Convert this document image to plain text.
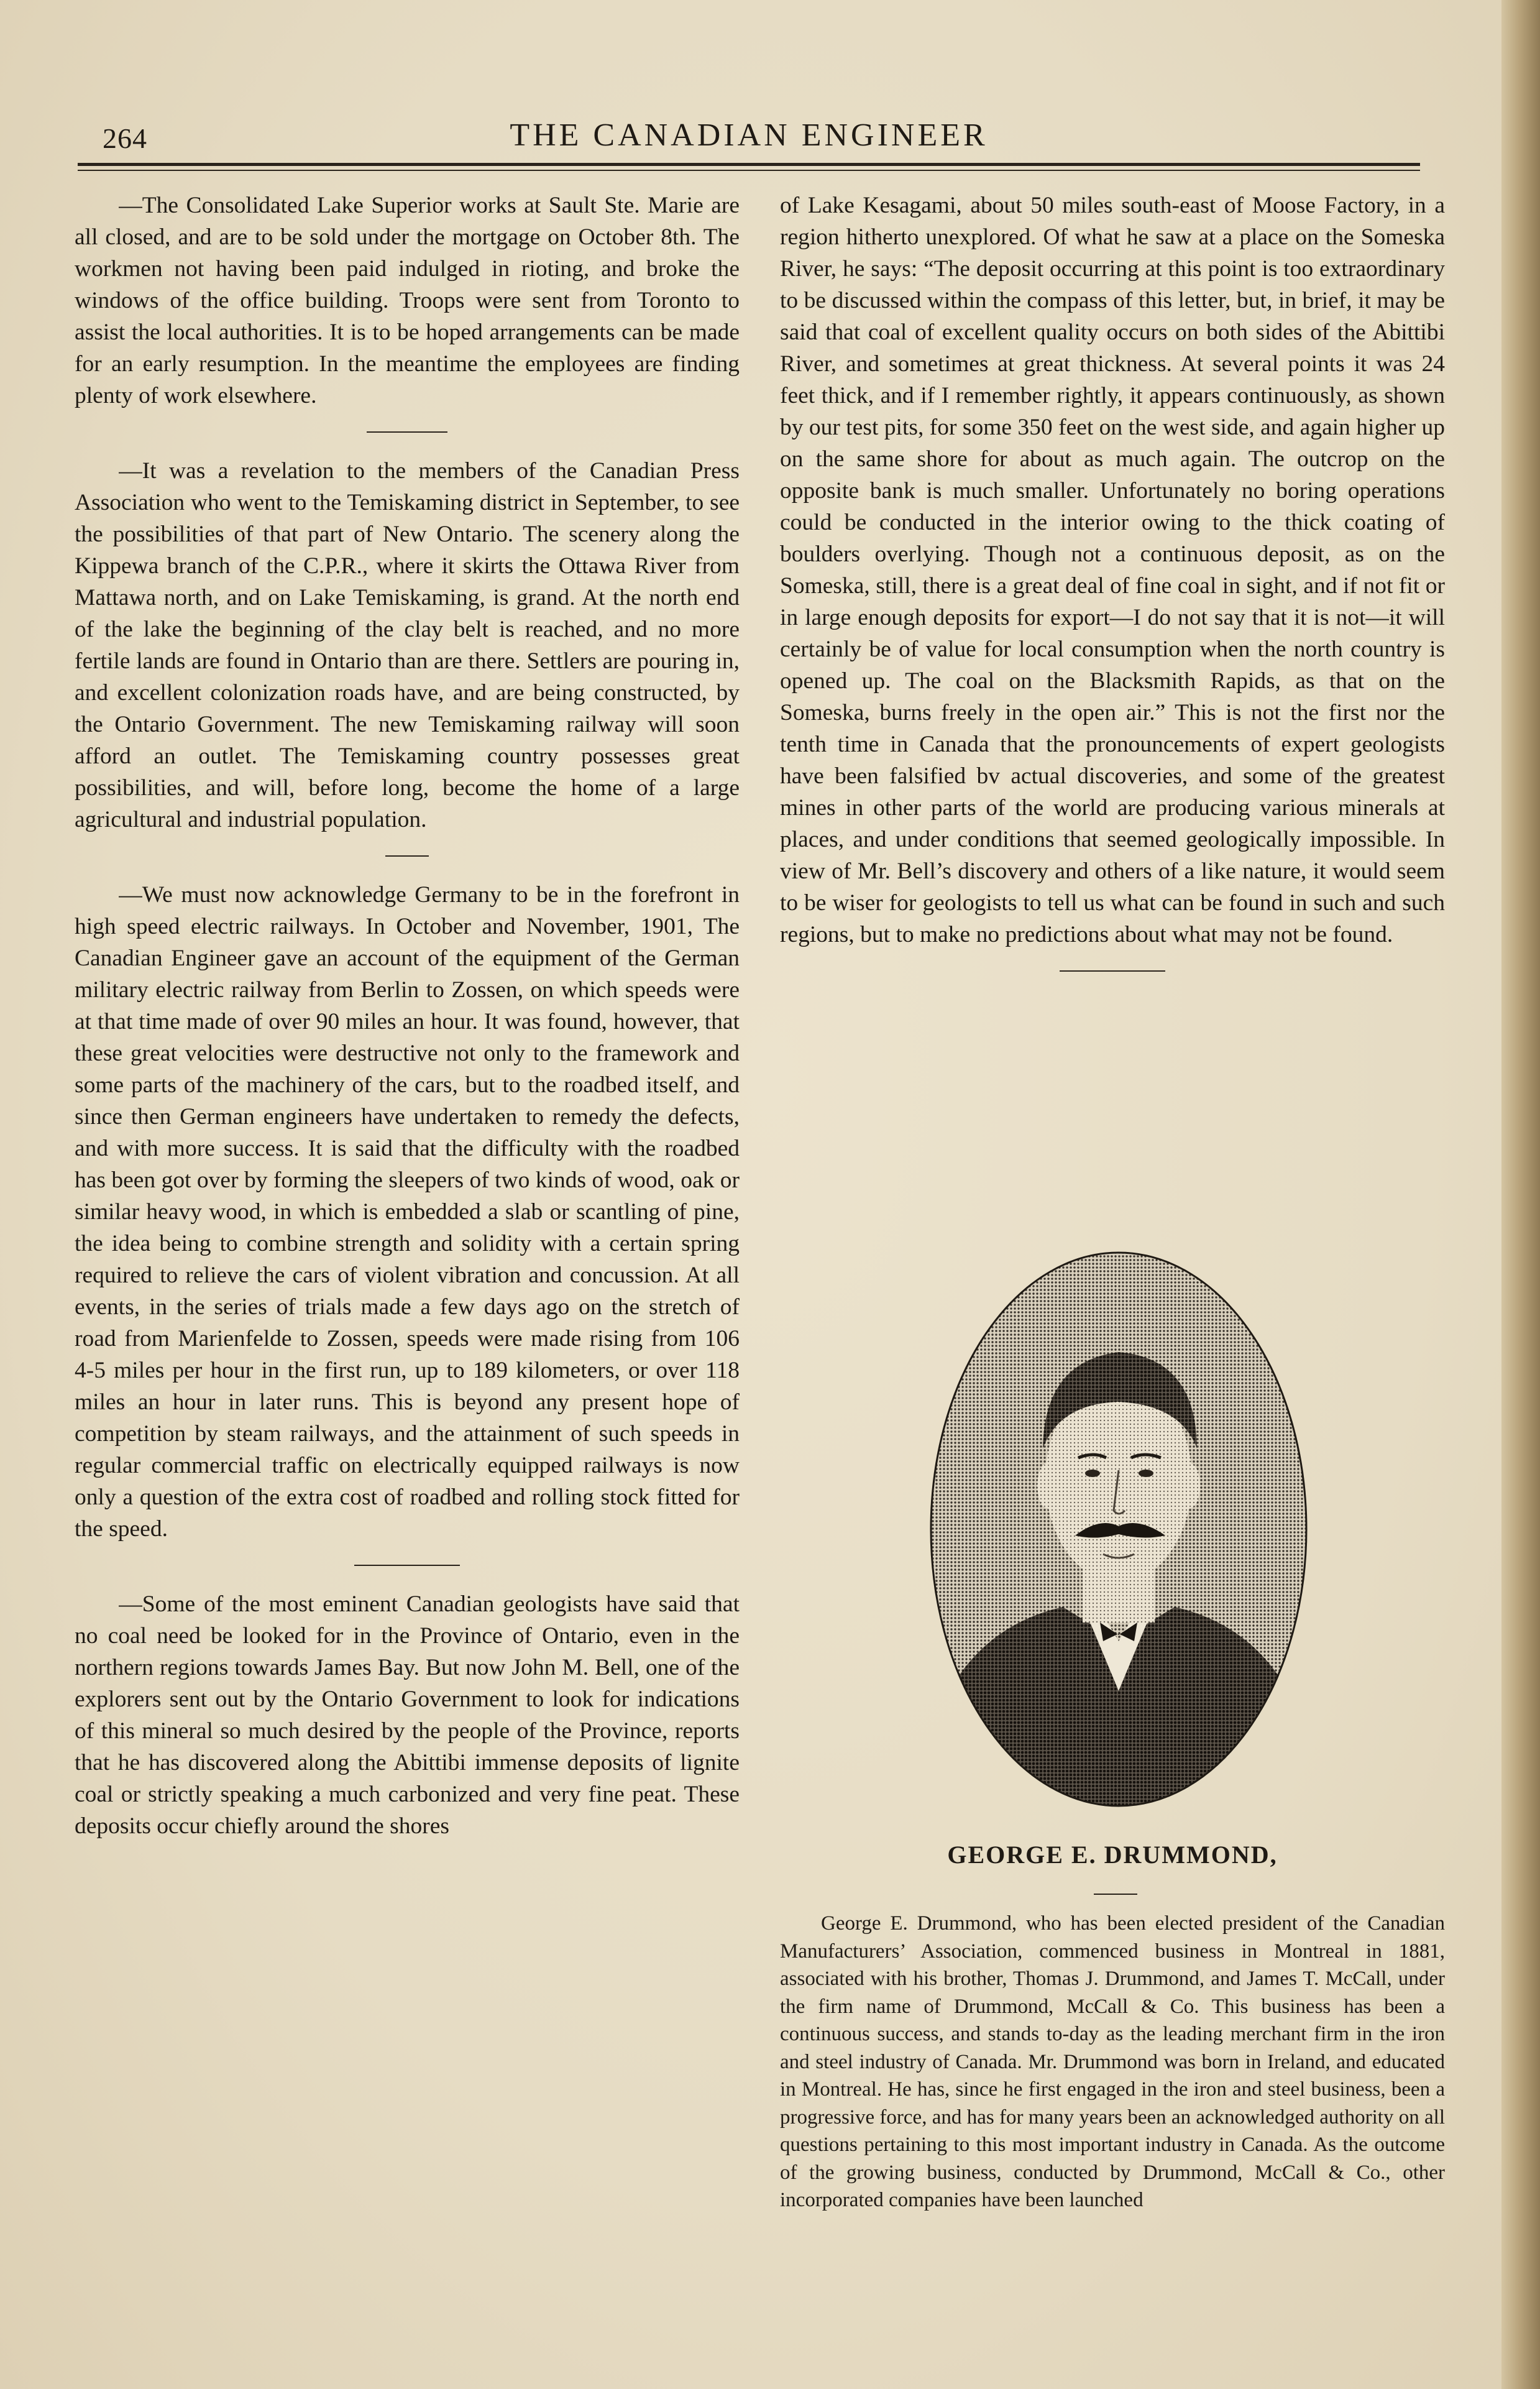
264	THE CANADIAN ENGINEER

—The Consolidated Lake Superior works at Sault Ste. Marie are all closed, and are to be sold under the mortgage on October 8th. The workmen not having been paid indulged in rioting, and broke the windows of the office building. Troops were sent from Toronto to assist the local authorities. It is to be hoped arrangements can be made for an early resumption. In the meantime the employees are finding plenty of work elsewhere.

—It was a revelation to the members of the Canadian Press Association who went to the Temiskaming district in September, to see the possibilities of that part of New Ontario. The scenery along the Kippewa branch of the C.P.R., where it skirts the Ottawa River from Mattawa north, and on Lake Temiskaming, is grand. At the north end of the lake the beginning of the clay belt is reached, and no more fertile lands are found in Ontario than are there. Settlers are pouring in, and excellent colonization roads have, and are being constructed, by the Ontario Government. The new Temiskaming railway will soon afford an outlet. The Temiskaming country possesses great possibilities, and will, before long, become the home of a large agricultural and industrial population.

—We must now acknowledge Germany to be in the forefront in high speed electric railways. In October and November, 1901, The Canadian Engineer gave an account of the equipment of the German military electric railway from Berlin to Zossen, on which speeds were at that time made of over 90 miles an hour. It was found, however, that these great velocities were destructive not only to the framework and some parts of the machinery of the cars, but to the roadbed itself, and since then German engineers have undertaken to remedy the defects, and with more success. It is said that the difficulty with the roadbed has been got over by forming the sleepers of two kinds of wood, oak or similar heavy wood, in which is embedded a slab or scantling of pine, the idea being to combine strength and solidity with a certain spring required to relieve the cars of violent vibration and concussion. At all events, in the series of trials made a few days ago on the stretch of road from Marienfelde to Zossen, speeds were made rising from 106 4-5 miles per hour in the first run, up to 189 kilometers, or over 118 miles an hour in later runs. This is beyond any present hope of competition by steam railways, and the attainment of such speeds in regular commercial traffic on electrically equipped railways is now only a question of the extra cost of roadbed and rolling stock fitted for the speed.

—Some of the most eminent Canadian geologists have said that no coal need be looked for in the Province of Ontario, even in the northern regions towards James Bay. But now John M. Bell, one of the explorers sent out by the Ontario Government to look for indications of this mineral so much desired by the people of the Province, reports that he has discovered along the Abittibi immense deposits of lignite coal or strictly speaking a much carbonized and very fine peat. These deposits occur chiefly around the shores

of Lake Kesagami, about 50 miles south-east of Moose Factory, in a region hitherto unexplored. Of what he saw at a place on the Someska River, he says: “The deposit occurring at this point is too extraordinary to be discussed within the compass of this letter, but, in brief, it may be said that coal of excellent quality occurs on both sides of the Abittibi River, and sometimes at great thickness. At several points it was 24 feet thick, and if I remember rightly, it appears continuously, as shown by our test pits, for some 350 feet on the west side, and again higher up on the same shore for about as much again. The outcrop on the opposite bank is much smaller. Unfortunately no boring operations could be conducted in the interior owing to the thick coating of boulders overlying. Though not a continuous deposit, as on the Someska, still, there is a great deal of fine coal in sight, and if not fit or in large enough deposits for export—I do not say that it is not—it will certainly be of value for local consumption when the north country is opened up. The coal on the Blacksmith Rapids, as that on the Someska, burns freely in the open air.” This is not the first nor the tenth time in Canada that the pronouncements of expert geologists have been falsified bv actual discoveries, and some of the greatest mines in other parts of the world are producing various minerals at places, and under conditions that seemed geologically impossible. In view of Mr. Bell’s discovery and others of a like nature, it would seem to be wiser for geologists to tell us what can be found in such and such regions, but to make no predictions about what may not be found.

GEORGE E. DRUMMOND,

George E. Drummond, who has been elected president of the Canadian Manufacturers’ Association, commenced business in Montreal in 1881, associated with his brother, Thomas J. Drummond, and James T. McCall, under the firm name of Drummond, McCall & Co. This business has been a continuous success, and stands to-day as the leading merchant firm in the iron and steel industry of Canada. Mr. Drummond was born in Ireland, and educated in Montreal. He has, since he first engaged in the iron and steel business, been a progressive force, and has for many years been an acknowledged authority on all questions pertaining to this most important industry in Canada. As the outcome of the growing business, conducted by Drummond, McCall & Co., other incorporated companies have been launched
